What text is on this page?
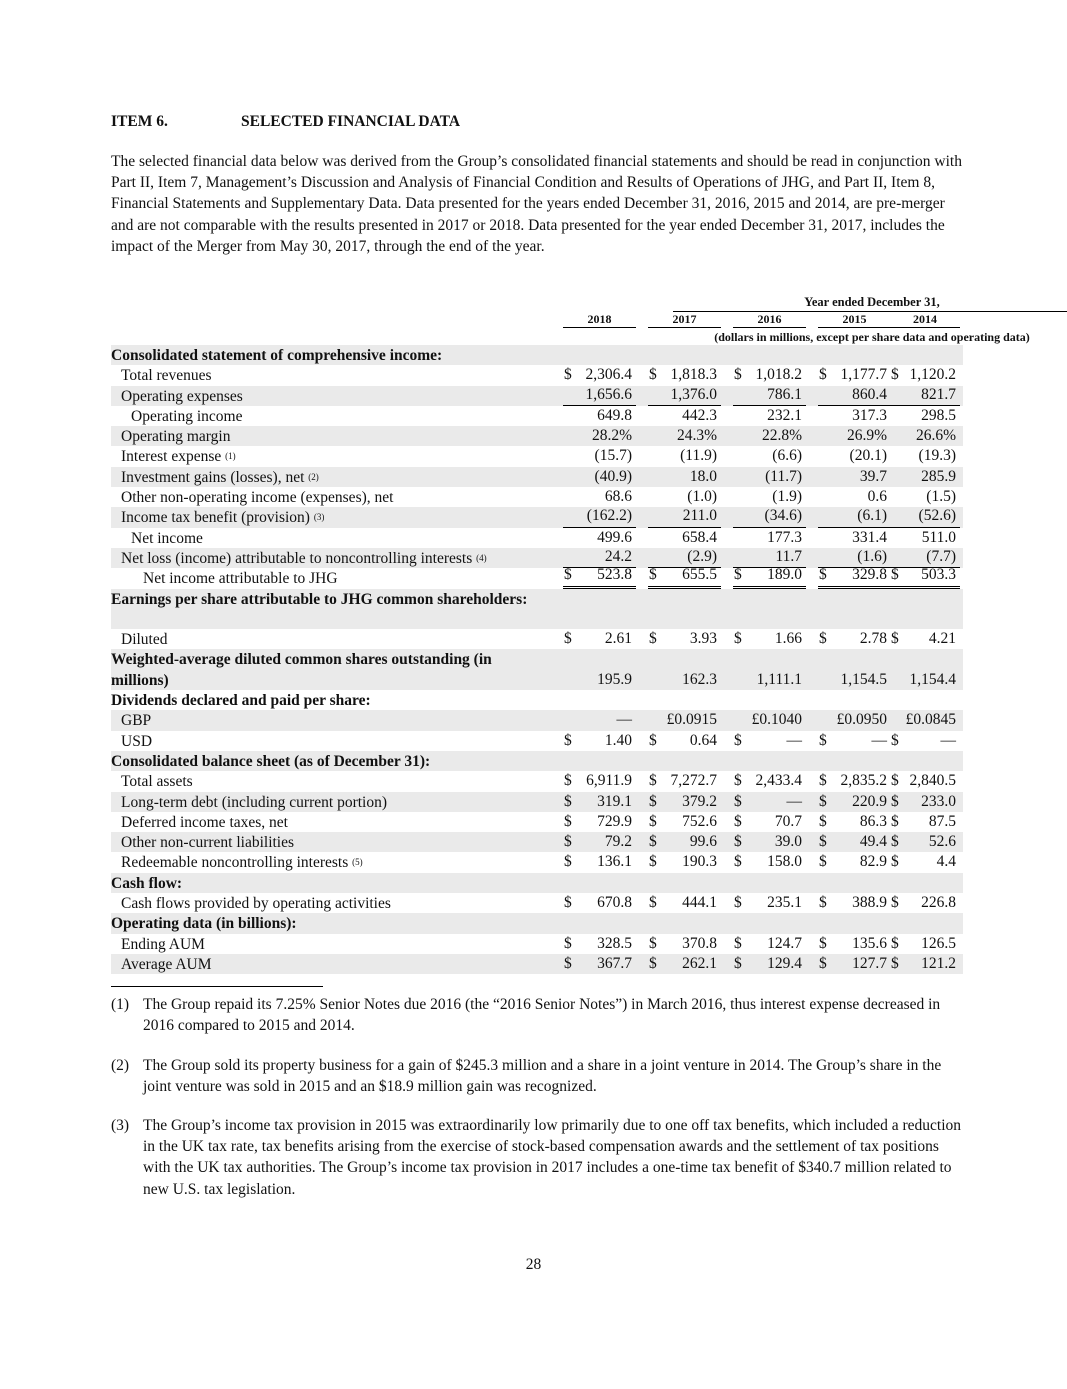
ITEM 6.	SELECTED FINANCIAL DATA
The selected financial data below was derived from the Group’s consolidated financial statements and should be read in conjunction with Part II, Item 7, Management’s Discussion and Analysis of Financial Condition and Results of Operations of JHG, and Part II, Item 8, Financial Statements and Supplementary Data. Data presented for the years ended December 31, 2016, 2015 and 2014, are pre-merger and are not comparable with the results presented in 2017 or 2018. Data presented for the year ended December 31, 2017, includes the impact of the Merger from May 30, 2017, through the end of the year.
Year ended December 31,
2018	2017	2016	2015	2014
(dollars in millions, except per share data and operating data)
Consolidated statement of comprehensive income:
Total revenues	$ 2,306.4 $ 1,818.3 $ 1,018.2 $ 1,177.7 $ 1,120.2
Operating expenses	1,656.6 1,376.0	786.1	860.4 821.7
Operating income	649.8	442.3	232.1	317.3 298.5
Operating margin	28.2%	24.3%	22.8%	26.9% 26.6%
Interest expense $^{(1)}$	(15.7)	(11.9)	(6.6)	(20.1) (19.3)
Investment gains (losses), net $^{(2)}$	(40.9)	18.0	(11.7)	39.7 285.9
Other non-operating income (expenses), net	68.6	(1.0)	(1.9)	0.6	(1.5)
Income tax benefit (provision) $^{(3)}$	(162.2)	211.0	(34.6)	(6.1) (52.6)
Net income	499.6	658.4	177.3	331.4 511.0
Net loss (income) attributable to noncontrolling interests $^{(4)}$	24.2	(2.9)	11.7	(1.6)	(7.7)
Net income attributable to JHG	$ 523.8 $ 655.5 $ 189.0 $ 329.8 $ 503.3
Earnings per share attributable to JHG common shareholders:
Diluted	$ 2.61 $ 3.93 $ 1.66 $ 2.78 $ 4.21
Weighted-average diluted common shares outstanding (in millions)	195.9	162.3	1,111.1 1,154.5 1,154.4
Dividends declared and paid per share:
GBP	— £0.0915 £0.1040 £0.0950 £0.0845
USD	$ 1.40 $ 0.64 $	— $	— $	—
Consolidated balance sheet (as of December 31):
Total assets	$ 6,911.9 $ 7,272.7 $ 2,433.4 $ 2,835.2 $ 2,840.5
Long-term debt (including current portion)	$ 319.1 $ 379.2 $	— $ 220.9 $ 233.0
Deferred income taxes, net	$ 729.9 $ 752.6 $ 70.7 $ 86.3 $ 87.5
Other non-current liabilities	$ 79.2 $ 99.6 $ 39.0 $ 49.4 $ 52.6
Redeemable noncontrolling interests $^{(5)}$	$ 136.1 $ 190.3 $ 158.0 $ 82.9 $ 4.4
Cash flow:
Cash flows provided by operating activities	$ 670.8 $ 444.1 $ 235.1 $ 388.9 $ 226.8
Operating data (in billions):
Ending AUM	$ 328.5 $ 370.8 $ 124.7 $ 135.6 $ 126.5
Average AUM	$ 367.7 $ 262.1 $ 129.4 $ 127.7 $ 121.2
(1) The Group repaid its 7.25% Senior Notes due 2016 (the “2016 Senior Notes”) in March 2016, thus interest expense decreased in 2016 compared to 2015 and 2014.
(2) The Group sold its property business for a gain of $245.3 million and a share in a joint venture in 2014. The Group’s share in the joint venture was sold in 2015 and an $18.9 million gain was recognized.
(3) The Group’s income tax provision in 2015 was extraordinarily low primarily due to one off tax benefits, which included a reduction in the UK tax rate, tax benefits arising from the exercise of stock-based compensation awards and the settlement of tax positions with the UK tax authorities. The Group’s income tax provision in 2017 includes a one-time tax benefit of $340.7 million related to new U.S. tax legislation.
28
